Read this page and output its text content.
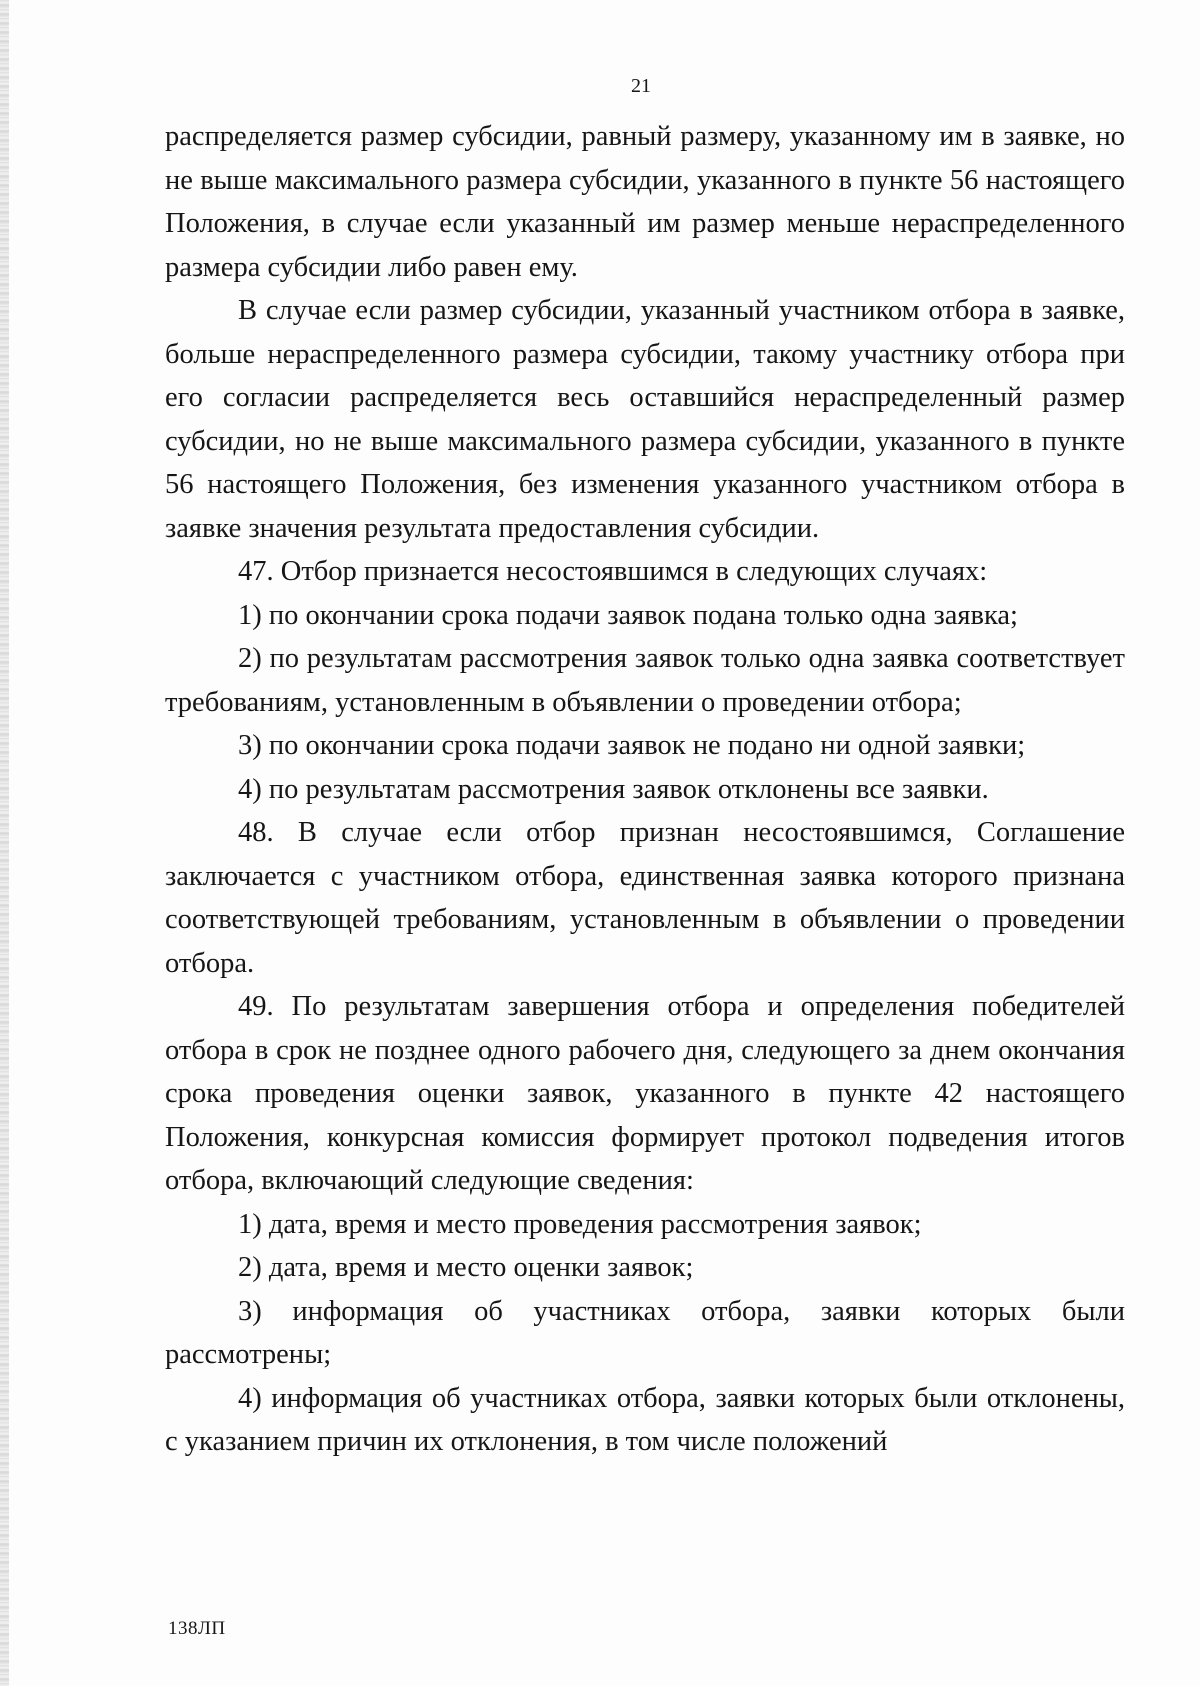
21

распределяется размер субсидии, равный размеру, указанному им в заявке, но не выше максимального размера субсидии, указанного в пункте 56 настоящего Положения, в случае если указанный им размер меньше нераспределенного размера субсидии либо равен ему.

В случае если размер субсидии, указанный участником отбора в заявке, больше нераспределенного размера субсидии, такому участнику отбора при его согласии распределяется весь оставшийся нераспределенный размер субсидии, но не выше максимального размера субсидии, указанного в пункте 56 настоящего Положения, без изменения указанного участником отбора в заявке значения результата предоставления субсидии.

47. Отбор признается несостоявшимся в следующих случаях:

1) по окончании срока подачи заявок подана только одна заявка;

2) по результатам рассмотрения заявок только одна заявка соответствует требованиям, установленным в объявлении о проведении отбора;

3) по окончании срока подачи заявок не подано ни одной заявки;

4) по результатам рассмотрения заявок отклонены все заявки.

48. В случае если отбор признан несостоявшимся, Соглашение заключается с участником отбора, единственная заявка которого признана соответствующей требованиям, установленным в объявлении о проведении отбора.

49. По результатам завершения отбора и определения победителей отбора в срок не позднее одного рабочего дня, следующего за днем окончания срока проведения оценки заявок, указанного в пункте 42 настоящего Положения, конкурсная комиссия формирует протокол подведения итогов отбора, включающий следующие сведения:

1) дата, время и место проведения рассмотрения заявок;

2) дата, время и место оценки заявок;

3) информация об участниках отбора, заявки которых были рассмотрены;

4) информация об участниках отбора, заявки которых были отклонены, с указанием причин их отклонения, в том числе положений

138ЛП
